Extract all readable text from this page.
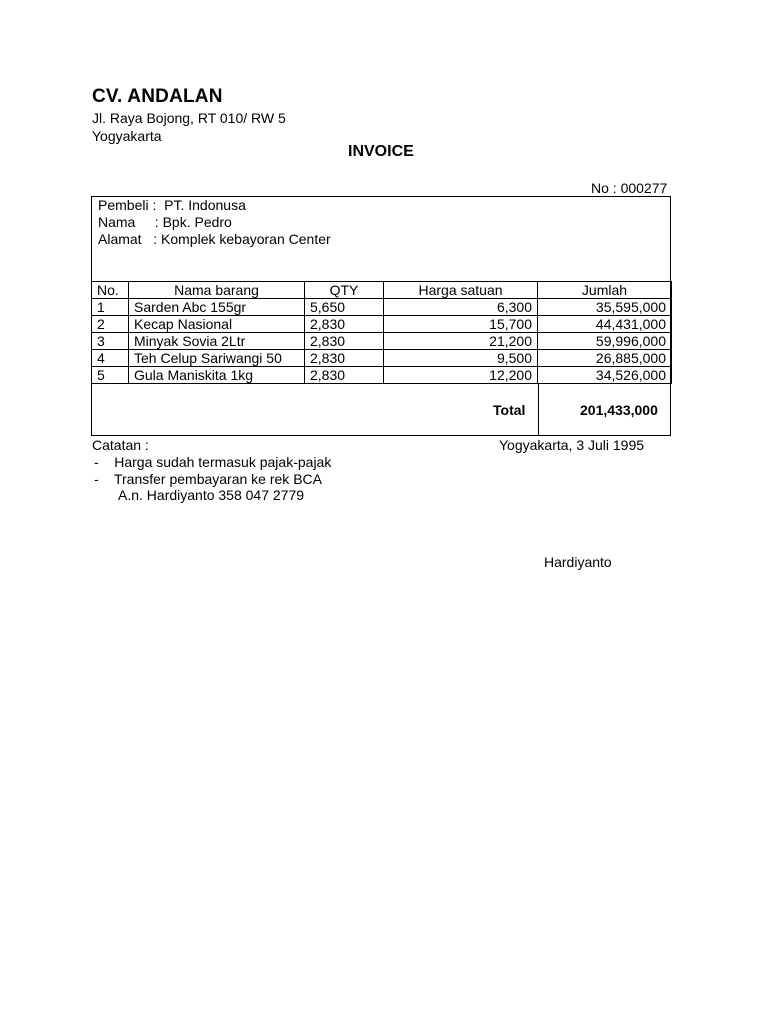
CV. ANDALAN
Jl. Raya Bojong, RT 010/ RW 5
Yogyakarta
INVOICE
No : 000277
Pembeli :  PT. Indonusa
Nama     : Bpk. Pedro
Alamat   : Komplek kebayoran Center
No.	Nama barang	QTY	Harga satuan	Jumlah
1	Sarden Abc 155gr	5,650	6,300	35,595,000
2	Kecap Nasional	2,830	15,700	44,431,000
3	Minyak Sovia 2Ltr	2,830	21,200	59,996,000
4	Teh Celup Sariwangi 50	2,830	9,500	26,885,000
5	Gula Maniskita 1kg	2,830	12,200	34,526,000
Total	201,433,000
Catatan :	Yogyakarta, 3 Juli 1995
-    Harga sudah termasuk pajak-pajak
-    Transfer pembayaran ke rek BCA
A.n. Hardiyanto 358 047 2779
Hardiyanto
